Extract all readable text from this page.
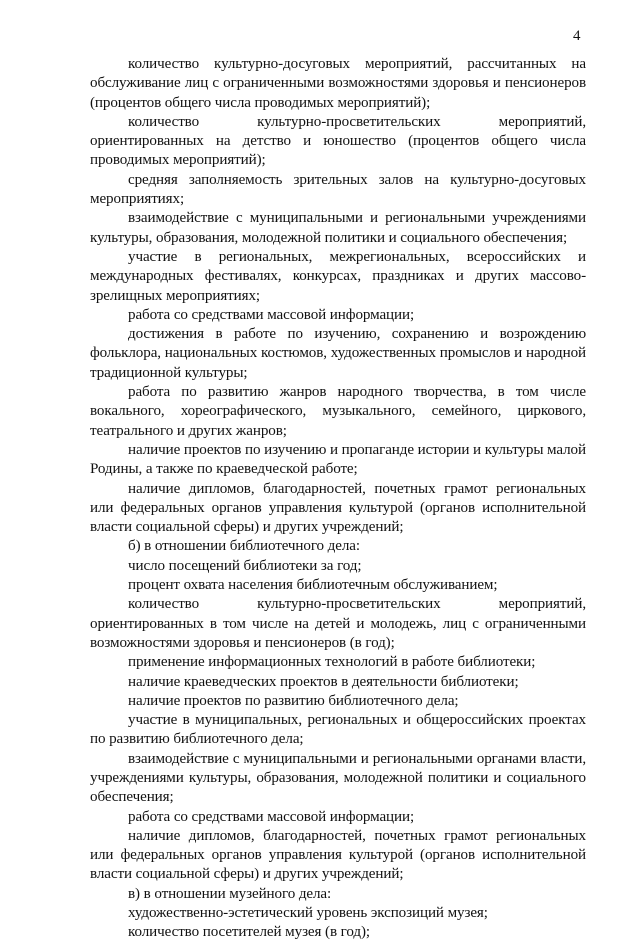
4

количество культурно-досуговых мероприятий, рассчитанных на обслуживание лиц с ограниченными возможностями здоровья и пенсионеров (процентов общего числа проводимых мероприятий);

количество культурно-просветительских мероприятий, ориентированных на детство и юношество (процентов общего числа проводимых мероприятий);

средняя заполняемость зрительных залов на культурно-досуговых мероприятиях;

взаимодействие с муниципальными и региональными учреждениями культуры, образования, молодежной политики и социального обеспечения;

участие в региональных, межрегиональных, всероссийских и международных фестивалях, конкурсах, праздниках и других массово-зрелищных мероприятиях;

работа со средствами массовой информации;

достижения в работе по изучению, сохранению и возрождению фольклора, национальных костюмов, художественных промыслов и народной традиционной культуры;

работа по развитию жанров народного творчества, в том числе вокального, хореографического, музыкального, семейного, циркового, театрального и других жанров;

наличие проектов по изучению и пропаганде истории и культуры малой Родины, а также по краеведческой работе;

наличие дипломов, благодарностей, почетных грамот региональных или федеральных органов управления культурой (органов исполнительной власти социальной сферы) и других учреждений;

б) в отношении библиотечного дела:

число посещений библиотеки за год;

процент охвата населения библиотечным обслуживанием;

количество культурно-просветительских мероприятий, ориентированных в том числе на детей и молодежь, лиц с ограниченными возможностями здоровья и пенсионеров (в год);

применение информационных технологий в работе библиотеки;

наличие краеведческих проектов в деятельности библиотеки;

наличие проектов по развитию библиотечного дела;

участие в муниципальных, региональных и общероссийских проектах по развитию библиотечного дела;

взаимодействие с муниципальными и региональными органами власти, учреждениями культуры, образования, молодежной политики и социального обеспечения;

работа со средствами массовой информации;

наличие дипломов, благодарностей, почетных грамот региональных или федеральных органов управления культурой (органов исполнительной власти социальной сферы) и других учреждений;

в) в отношении музейного дела:

художественно-эстетический уровень экспозиций музея;

количество посетителей музея (в год);
